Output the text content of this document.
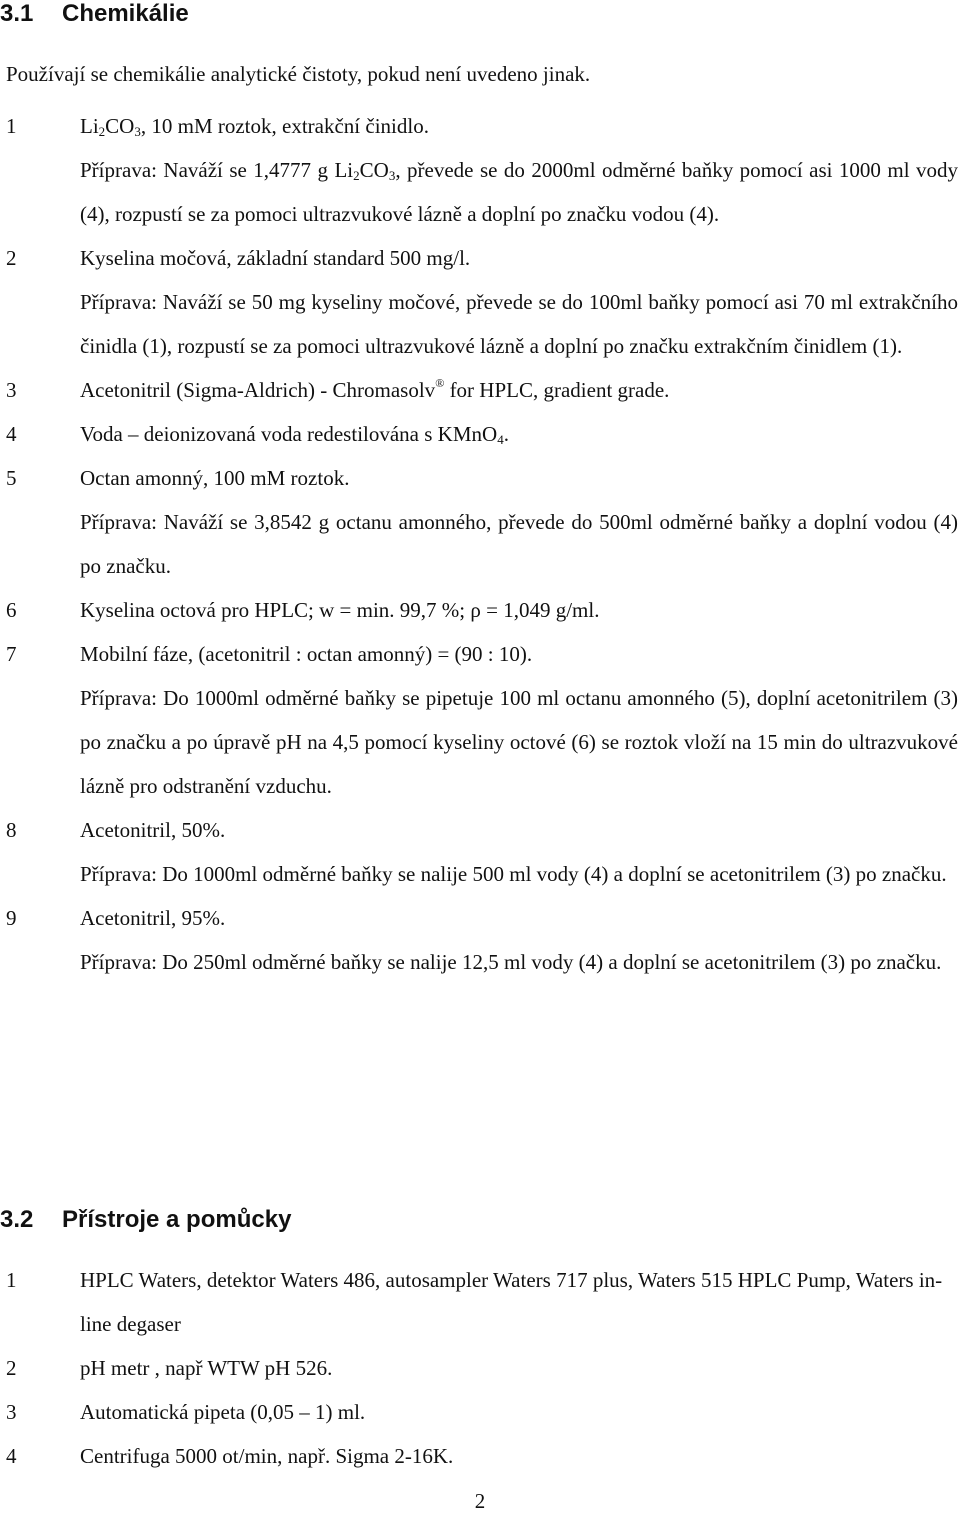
3.1 Chemikálie
Používají se chemikálie analytické čistoty, pokud není uvedeno jinak.
1	$Li_2CO_3$, 10 mM roztok, extrakční činidlo.
Příprava: Naváží se 1,4777 g $Li_2CO_3$, převede se do 2000ml odměrné baňky pomocí asi 1000 ml vody (4), rozpustí se za pomoci ultrazvukové lázně a doplní po značku vodou (4).
2	Kyselina močová, základní standard 500 mg/l.
Příprava: Naváží se 50 mg kyseliny močové, převede se do 100ml baňky pomocí asi 70 ml extrakčního činidla (1), rozpustí se za pomoci ultrazvukové lázně a doplní po značku extrakčním činidlem (1).
3	Acetonitril (Sigma-Aldrich) - Chromasolv® for HPLC, gradient grade.
4	Voda – deionizovaná voda redestilována s KMnO$_4$.
5	Octan amonný, 100 mM roztok.
Příprava: Naváží se 3,8542 g octanu amonného, převede do 500ml odměrné baňky a doplní vodou (4) po značku.
6	Kyselina octová pro HPLC; w = min. 99,7 %; ρ = 1,049 g/ml.
7	Mobilní fáze, (acetonitril : octan amonný) = (90 : 10).
Příprava: Do 1000ml odměrné baňky se pipetuje 100 ml octanu amonného (5), doplní acetonitrilem (3) po značku a po úpravě pH na 4,5 pomocí kyseliny octové (6) se roztok vloží na 15 min do ultrazvukové lázně pro odstranění vzduchu.
8	Acetonitril, 50%.
Příprava: Do 1000ml odměrné baňky se nalije 500 ml vody (4) a doplní se acetonitrilem (3) po značku.
9	Acetonitril, 95%.
Příprava: Do 250ml odměrné baňky se nalije 12,5 ml vody (4) a doplní se acetonitrilem (3) po značku.
3.2 Přístroje a pomůcky
1	HPLC Waters, detektor Waters 486, autosampler Waters 717 plus, Waters 515 HPLC Pump, Waters in-line degaser
2	pH metr , např WTW pH 526.
3	Automatická pipeta (0,05 – 1) ml.
4	Centrifuga 5000 ot/min, např. Sigma 2-16K.
2
